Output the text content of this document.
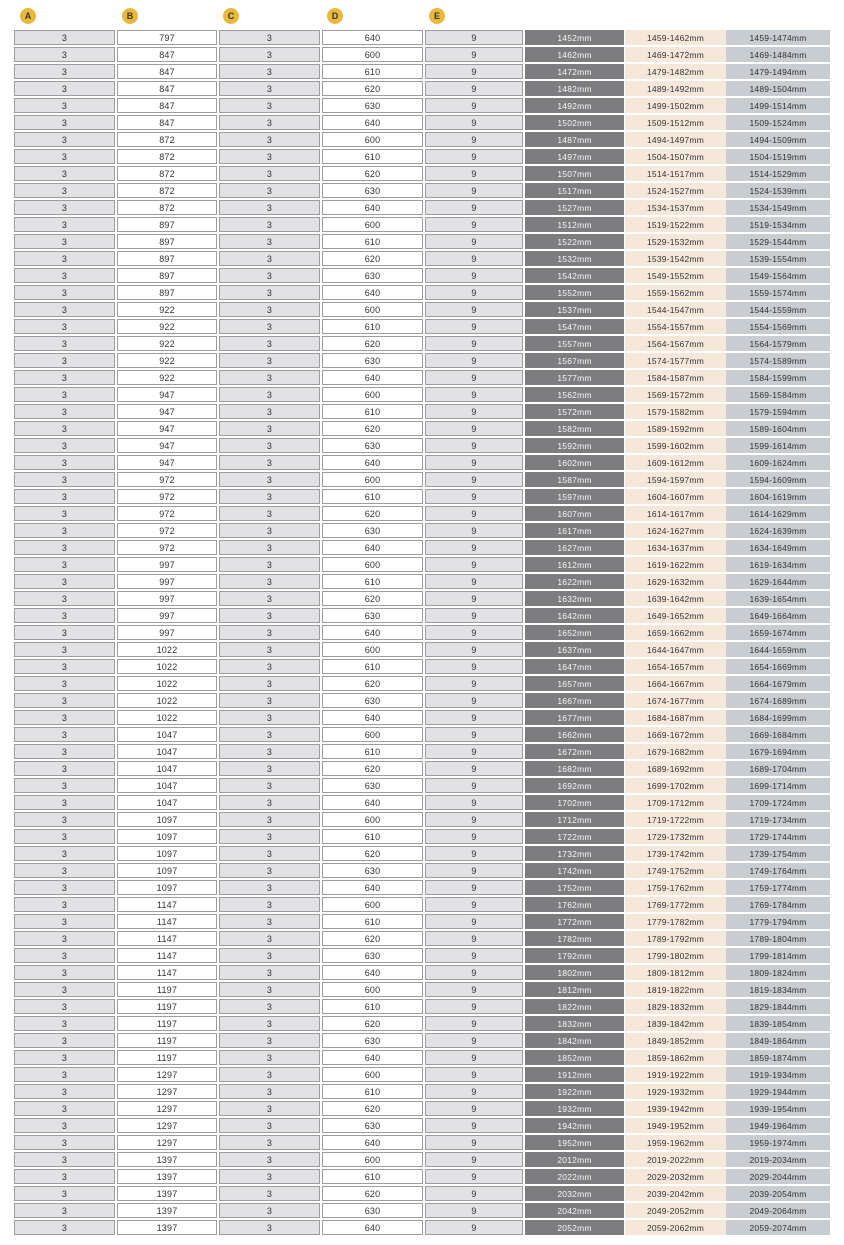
A	B	C	D	E
3	797	3	640	9	1452mm	1459-1462mm	1459-1474mm
3	847	3	600	9	1462mm	1469-1472mm	1469-1484mm
3	847	3	610	9	1472mm	1479-1482mm	1479-1494mm
3	847	3	620	9	1482mm	1489-1492mm	1489-1504mm
3	847	3	630	9	1492mm	1499-1502mm	1499-1514mm
3	847	3	640	9	1502mm	1509-1512mm	1509-1524mm
3	872	3	600	9	1487mm	1494-1497mm	1494-1509mm
3	872	3	610	9	1497mm	1504-1507mm	1504-1519mm
3	872	3	620	9	1507mm	1514-1517mm	1514-1529mm
3	872	3	630	9	1517mm	1524-1527mm	1524-1539mm
3	872	3	640	9	1527mm	1534-1537mm	1534-1549mm
3	897	3	600	9	1512mm	1519-1522mm	1519-1534mm
3	897	3	610	9	1522mm	1529-1532mm	1529-1544mm
3	897	3	620	9	1532mm	1539-1542mm	1539-1554mm
3	897	3	630	9	1542mm	1549-1552mm	1549-1564mm
3	897	3	640	9	1552mm	1559-1562mm	1559-1574mm
3	922	3	600	9	1537mm	1544-1547mm	1544-1559mm
3	922	3	610	9	1547mm	1554-1557mm	1554-1569mm
3	922	3	620	9	1557mm	1564-1567mm	1564-1579mm
3	922	3	630	9	1567mm	1574-1577mm	1574-1589mm
3	922	3	640	9	1577mm	1584-1587mm	1584-1599mm
3	947	3	600	9	1562mm	1569-1572mm	1569-1584mm
3	947	3	610	9	1572mm	1579-1582mm	1579-1594mm
3	947	3	620	9	1582mm	1589-1592mm	1589-1604mm
3	947	3	630	9	1592mm	1599-1602mm	1599-1614mm
3	947	3	640	9	1602mm	1609-1612mm	1609-1624mm
3	972	3	600	9	1587mm	1594-1597mm	1594-1609mm
3	972	3	610	9	1597mm	1604-1607mm	1604-1619mm
3	972	3	620	9	1607mm	1614-1617mm	1614-1629mm
3	972	3	630	9	1617mm	1624-1627mm	1624-1639mm
3	972	3	640	9	1627mm	1634-1637mm	1634-1649mm
3	997	3	600	9	1612mm	1619-1622mm	1619-1634mm
3	997	3	610	9	1622mm	1629-1632mm	1629-1644mm
3	997	3	620	9	1632mm	1639-1642mm	1639-1654mm
3	997	3	630	9	1642mm	1649-1652mm	1649-1664mm
3	997	3	640	9	1652mm	1659-1662mm	1659-1674mm
3	1022	3	600	9	1637mm	1644-1647mm	1644-1659mm
3	1022	3	610	9	1647mm	1654-1657mm	1654-1669mm
3	1022	3	620	9	1657mm	1664-1667mm	1664-1679mm
3	1022	3	630	9	1667mm	1674-1677mm	1674-1689mm
3	1022	3	640	9	1677mm	1684-1687mm	1684-1699mm
3	1047	3	600	9	1662mm	1669-1672mm	1669-1684mm
3	1047	3	610	9	1672mm	1679-1682mm	1679-1694mm
3	1047	3	620	9	1682mm	1689-1692mm	1689-1704mm
3	1047	3	630	9	1692mm	1699-1702mm	1699-1714mm
3	1047	3	640	9	1702mm	1709-1712mm	1709-1724mm
3	1097	3	600	9	1712mm	1719-1722mm	1719-1734mm
3	1097	3	610	9	1722mm	1729-1732mm	1729-1744mm
3	1097	3	620	9	1732mm	1739-1742mm	1739-1754mm
3	1097	3	630	9	1742mm	1749-1752mm	1749-1764mm
3	1097	3	640	9	1752mm	1759-1762mm	1759-1774mm
3	1147	3	600	9	1762mm	1769-1772mm	1769-1784mm
3	1147	3	610	9	1772mm	1779-1782mm	1779-1794mm
3	1147	3	620	9	1782mm	1789-1792mm	1789-1804mm
3	1147	3	630	9	1792mm	1799-1802mm	1799-1814mm
3	1147	3	640	9	1802mm	1809-1812mm	1809-1824mm
3	1197	3	600	9	1812mm	1819-1822mm	1819-1834mm
3	1197	3	610	9	1822mm	1829-1832mm	1829-1844mm
3	1197	3	620	9	1832mm	1839-1842mm	1839-1854mm
3	1197	3	630	9	1842mm	1849-1852mm	1849-1864mm
3	1197	3	640	9	1852mm	1859-1862mm	1859-1874mm
3	1297	3	600	9	1912mm	1919-1922mm	1919-1934mm
3	1297	3	610	9	1922mm	1929-1932mm	1929-1944mm
3	1297	3	620	9	1932mm	1939-1942mm	1939-1954mm
3	1297	3	630	9	1942mm	1949-1952mm	1949-1964mm
3	1297	3	640	9	1952mm	1959-1962mm	1959-1974mm
3	1397	3	600	9	2012mm	2019-2022mm	2019-2034mm
3	1397	3	610	9	2022mm	2029-2032mm	2029-2044mm
3	1397	3	620	9	2032mm	2039-2042mm	2039-2054mm
3	1397	3	630	9	2042mm	2049-2052mm	2049-2064mm
3	1397	3	640	9	2052mm	2059-2062mm	2059-2074mm
